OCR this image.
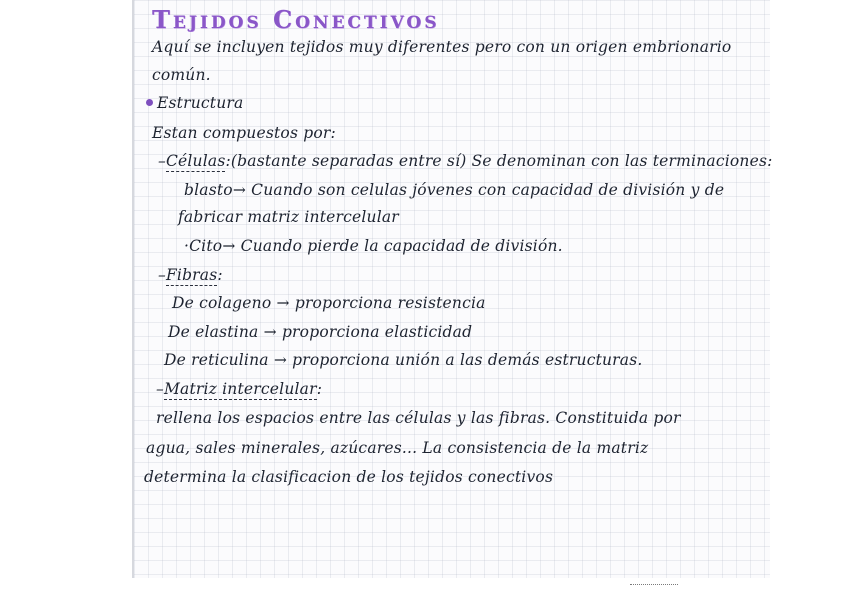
Tejidos Conectivos
Aquí se incluyen tejidos muy diferentes pero con un origen embrionario
común.
Estructura
Estan compuestos por:
–Células:(bastante separadas entre sí) Se denominan con las terminaciones:
blasto→ Cuando son celulas jóvenes con capacidad de división y de
fabricar matriz intercelular
·Cito→ Cuando pierde la capacidad de división.
–Fibras:
De colageno → proporciona resistencia
De elastina → proporciona elasticidad
De reticulina → proporciona unión a las demás estructuras.
–Matriz intercelular:
rellena los espacios entre las células y las fibras. Constituida por
agua, sales minerales, azúcares... La consistencia de la matriz
determina la clasificacion de los tejidos conectivos
